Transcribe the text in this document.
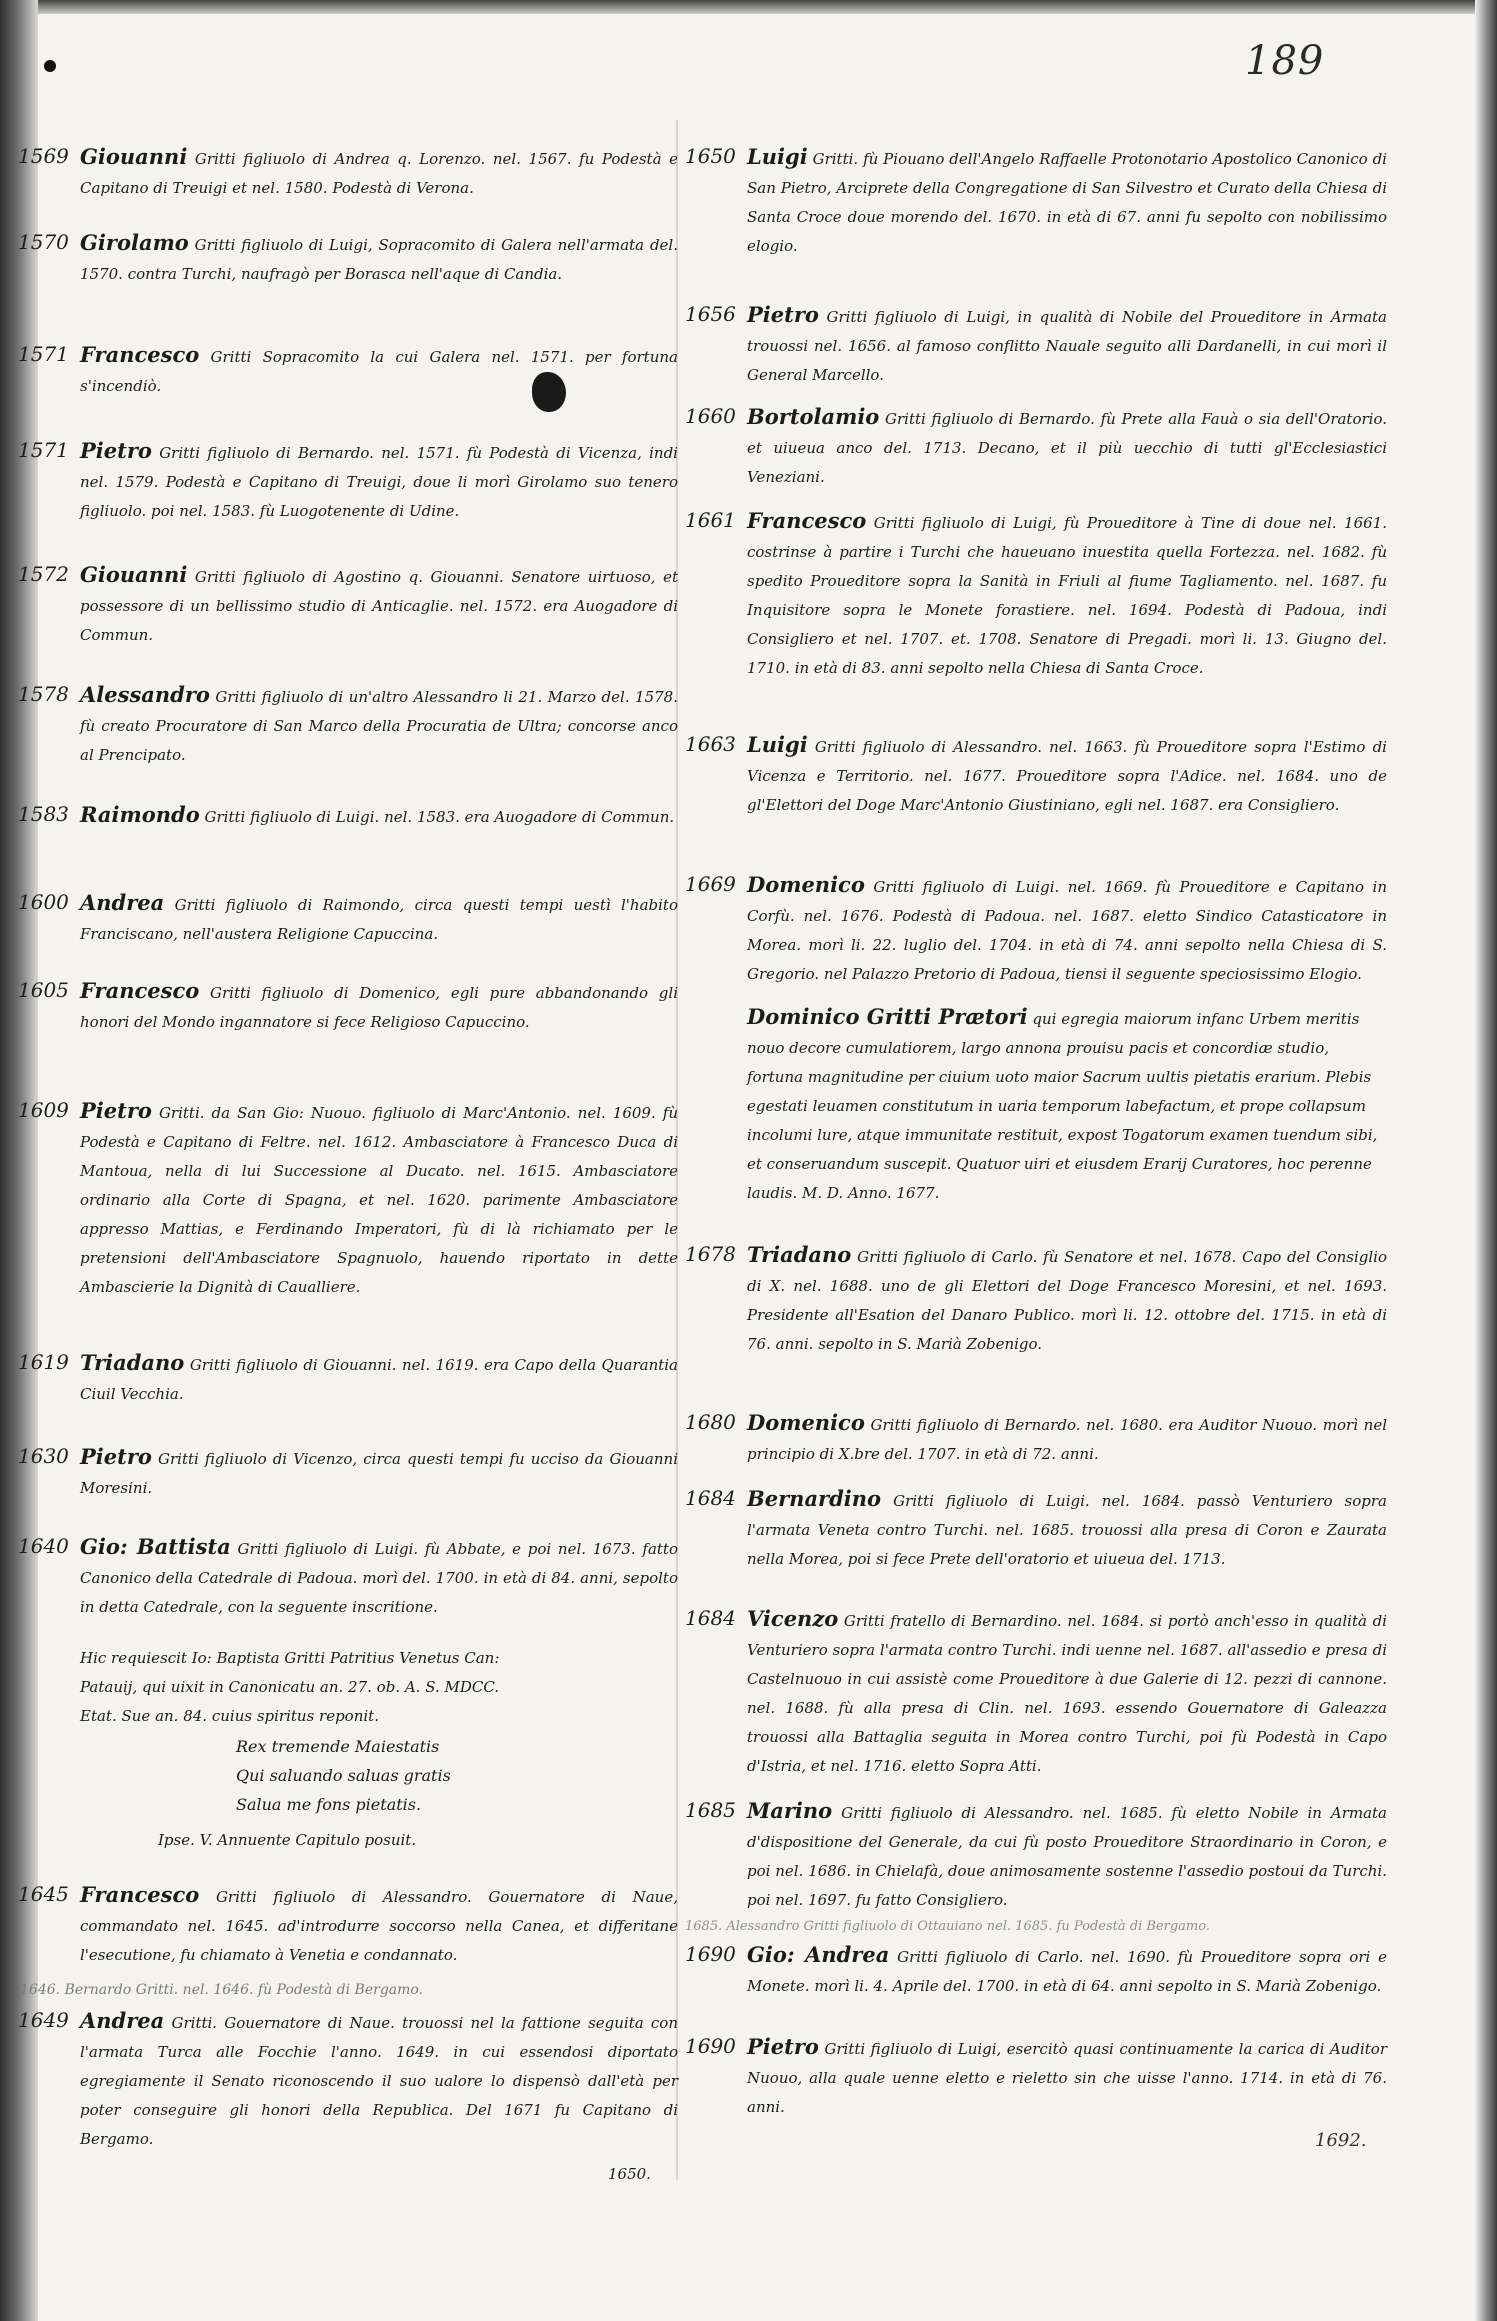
189
1569 Giouanni Gritti figliuolo di Andrea q. Lorenzo. nel. 1567. fu Podestà e Capitano di Treuigi et nel. 1580. Podestà di Verona.

1570 Girolamo Gritti figliuolo di Luigi, Sopracomito di Galera nell'armata del. 1570. contra Turchi, naufragò per Borasca nell'aque di Candia.

1571 Francesco Gritti Sopracomito la cui Galera nel. 1571. per fortuna s'incendiò.

1571 Pietro Gritti figliuolo di Bernardo. nel. 1571. fù Podestà di Vicenza, indi nel. 1579. Podestà e Capitano di Treuigi, doue li morì Girolamo suo tenero figliuolo. poi nel. 1583. fù Luogotenente di Udine.

1572 Giouanni Gritti figliuolo di Agostino q. Giouanni. Senatore uirtuoso, et possessore di un bellissimo studio di Anticaglie. nel. 1572. era Auogadore di Commun.

1578 Alessandro Gritti figliuolo di un'altro Alessandro li 21. Marzo del. 1578. fù creato Procuratore di San Marco della Procuratia de Ultra; concorse anco al Prencipato.

1583 Raimondo Gritti figliuolo di Luigi. nel. 1583. era Auogadore di Commun.

1600 Andrea Gritti figliuolo di Raimondo, circa questi tempi uestì l'habito Franciscano, nell'austera Religione Capuccina.

1605 Francesco Gritti figliuolo di Domenico, egli pure abbandonando gli honori del Mondo ingannatore si fece Religioso Capuccino.

1609 Pietro Gritti. da San Gio: Nuouo. figliuolo di Marc'Antonio. nel. 1609. fù Podestà e Capitano di Feltre. nel. 1612. Ambasciatore à Francesco Duca di Mantoua, nella di lui Successione al Ducato. nel. 1615. Ambasciatore ordinario alla Corte di Spagna, et nel. 1620. parimente Ambasciatore appresso Mattias, e Ferdinando Imperatori, fù di là richiamato per le pretensioni dell'Ambasciatore Spagnuolo, hauendo riportato in dette Ambascierie la Dignità di Caualliere.

1619 Triadano Gritti figliuolo di Giouanni. nel. 1619. era Capo della Quarantia Ciuil Vecchia.

1630 Pietro Gritti figliuolo di Vicenzo, circa questi tempi fu ucciso da Giouanni Moresini.

1640 Gio: Battista Gritti figliuolo di Luigi. fù Abbate, e poi nel. 1673. fatto Canonico della Catedrale di Padoua. morì del. 1700. in età di 84. anni, sepolto in detta Catedrale, con la seguente inscritione.

Hic requiescit Io: Baptista Gritti Patritius Venetus Can:
Patauij, qui uixit in Canonicatu an. 27. ob. A. S. MDCC.
Etat. Sue an. 84. cuius spiritus reponit.
Rex tremende Maiestatis
Qui saluando saluas gratis
Salua me fons pietatis.
Ipse. V. Annuente Capitulo posuit.
1645 Francesco Gritti figliuolo di Alessandro. Gouernatore di Naue, commandato nel. 1645. ad'introdurre soccorso nella Canea, et differitane l'esecutione, fu chiamato à Venetia e condannato.

1646. Bernardo Gritti. nel. 1646. fù Podestà di Bergamo.
1649 Andrea Gritti. Gouernatore di Naue. trouossi nel la fattione seguita con l'armata Turca alle Focchie l'anno. 1649. in cui essendosi diportato egregiamente il Senato riconoscendo il suo ualore lo dispensò dall'età per poter conseguire gli honori della Republica. Del 1671 fu Capitano di Bergamo.

1650.
1650 Luigi Gritti. fù Piouano dell'Angelo Raffaelle Protonotario Apostolico Canonico di San Pietro, Arciprete della Congregatione di San Silvestro et Curato della Chiesa di Santa Croce doue morendo del. 1670. in età di 67. anni fu sepolto con nobilissimo elogio.

1656 Pietro Gritti figliuolo di Luigi, in qualità di Nobile del Proueditore in Armata trouossi nel. 1656. al famoso conflitto Nauale seguito alli Dardanelli, in cui morì il General Marcello.

1660 Bortolamio Gritti figliuolo di Bernardo. fù Prete alla Fauà o sia dell'Oratorio. et uiueua anco del. 1713. Decano, et il più uecchio di tutti gl'Ecclesiastici Veneziani.

1661 Francesco Gritti figliuolo di Luigi, fù Proueditore à Tine di doue nel. 1661. costrinse à partire i Turchi che haueuano inuestita quella Fortezza. nel. 1682. fù spedito Proueditore sopra la Sanità in Friuli al fiume Tagliamento. nel. 1687. fu Inquisitore sopra le Monete forastiere. nel. 1694. Podestà di Padoua, indi Consigliero et nel. 1707. et. 1708. Senatore di Pregadi. morì li. 13. Giugno del. 1710. in età di 83. anni sepolto nella Chiesa di Santa Croce.

1663 Luigi Gritti figliuolo di Alessandro. nel. 1663. fù Proueditore sopra l'Estimo di Vicenza e Territorio. nel. 1677. Proueditore sopra l'Adice. nel. 1684. uno de gl'Elettori del Doge Marc'Antonio Giustiniano, egli nel. 1687. era Consigliero.

1669 Domenico Gritti figliuolo di Luigi. nel. 1669. fù Proueditore e Capitano in Corfù. nel. 1676. Podestà di Padoua. nel. 1687. eletto Sindico Catasticatore in Morea. morì li. 22. luglio del. 1704. in età di 74. anni sepolto nella Chiesa di S. Gregorio. nel Palazzo Pretorio di Padoua, tiensi il seguente speciosissimo Elogio.

Dominico Gritti Prætori qui egregia maiorum infanc Urbem meritis nouo decore cumulatiorem, largo annona prouisu pacis et concordiæ studio, fortuna magnitudine per ciuium uoto maior Sacrum uultis pietatis erarium. Plebis egestati leuamen constitutum in uaria temporum labefactum, et prope collapsum incolumi lure, atque immunitate restituit, expost Togatorum examen tuendum sibi, et conseruandum suscepit. Quatuor uiri et eiusdem Erarij Curatores, hoc perenne laudis. M. D. Anno. 1677.
1678 Triadano Gritti figliuolo di Carlo. fù Senatore et nel. 1678. Capo del Consiglio di X. nel. 1688. uno de gli Elettori del Doge Francesco Moresini, et nel. 1693. Presidente all'Esation del Danaro Publico. morì li. 12. ottobre del. 1715. in età di 76. anni. sepolto in S. Marià Zobenigo.

1680 Domenico Gritti figliuolo di Bernardo. nel. 1680. era Auditor Nuouo. morì nel principio di X.bre del. 1707. in età di 72. anni.

1684 Bernardino Gritti figliuolo di Luigi. nel. 1684. passò Venturiero sopra l'armata Veneta contro Turchi. nel. 1685. trouossi alla presa di Coron e Zaurata nella Morea, poi si fece Prete dell'oratorio et uiueua del. 1713.

1684 Vicenzo Gritti fratello di Bernardino. nel. 1684. si portò anch'esso in qualità di Venturiero sopra l'armata contro Turchi. indi uenne nel. 1687. all'assedio e presa di Castelnuouo in cui assistè come Proueditore à due Galerie di 12. pezzi di cannone. nel. 1688. fù alla presa di Clin. nel. 1693. essendo Gouernatore di Galeazza trouossi alla Battaglia seguita in Morea contro Turchi, poi fù Podestà in Capo d'Istria, et nel. 1716. eletto Sopra Atti.

1685 Marino Gritti figliuolo di Alessandro. nel. 1685. fù eletto Nobile in Armata d'dispositione del Generale, da cui fù posto Proueditore Straordinario in Coron, e poi nel. 1686. in Chielafà, doue animosamente sostenne l'assedio postoui da Turchi. poi nel. 1697. fu fatto Consigliero.

1685. Alessandro Gritti figliuolo di Ottauiano nel. 1685. fu Podestà di Bergamo.
1690 Gio: Andrea Gritti figliuolo di Carlo. nel. 1690. fù Proueditore sopra ori e Monete. morì li. 4. Aprile del. 1700. in età di 64. anni sepolto in S. Marià Zobenigo.

1690 Pietro Gritti figliuolo di Luigi, esercitò quasi continuamente la carica di Auditor Nuouo, alla quale uenne eletto e rieletto sin che uisse l'anno. 1714. in età di 76. anni.

1692.
